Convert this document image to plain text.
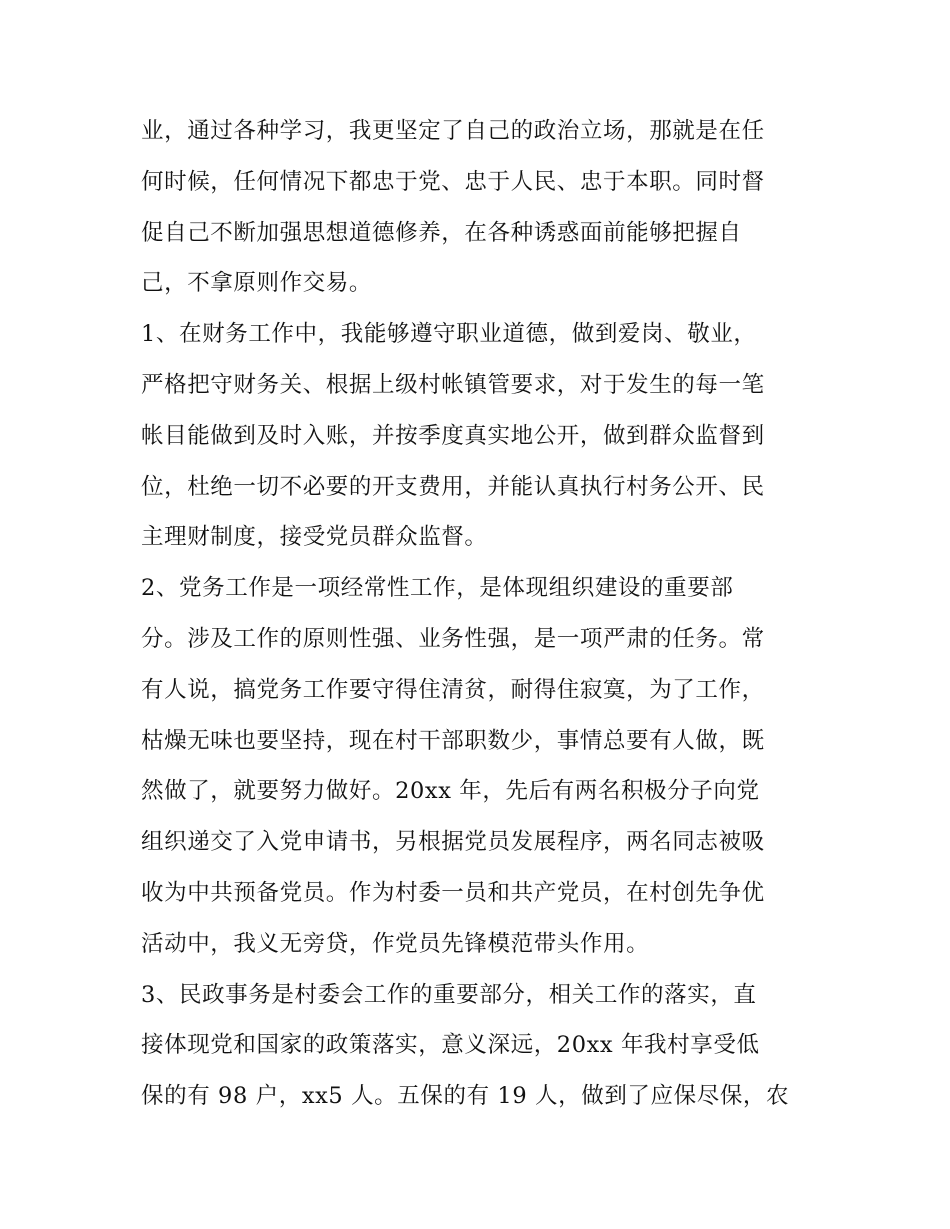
业，通过各种学习，我更坚定了自己的政治立场，那就是在任
何时候，任何情况下都忠于党、忠于人民、忠于本职。同时督
促自己不断加强思想道德修养，在各种诱惑面前能够把握自
己，不拿原则作交易。
1、在财务工作中，我能够遵守职业道德，做到爱岗、敬业，
严格把守财务关、根据上级村帐镇管要求，对于发生的每一笔
帐目能做到及时入账，并按季度真实地公开，做到群众监督到
位，杜绝一切不必要的开支费用，并能认真执行村务公开、民
主理财制度，接受党员群众监督。
2、党务工作是一项经常性工作，是体现组织建设的重要部
分。涉及工作的原则性强、业务性强，是一项严肃的任务。常
有人说，搞党务工作要守得住清贫，耐得住寂寞，为了工作，
枯燥无味也要坚持，现在村干部职数少，事情总要有人做，既
然做了，就要努力做好。20xx 年，先后有两名积极分子向党
组织递交了入党申请书，另根据党员发展程序，两名同志被吸
收为中共预备党员。作为村委一员和共产党员，在村创先争优
活动中，我义无旁贷，作党员先锋模范带头作用。
3、民政事务是村委会工作的重要部分，相关工作的落实，直
接体现党和国家的政策落实，意义深远，20xx 年我村享受低
保的有 98 户，xx5 人。五保的有 19 人，做到了应保尽保，农
